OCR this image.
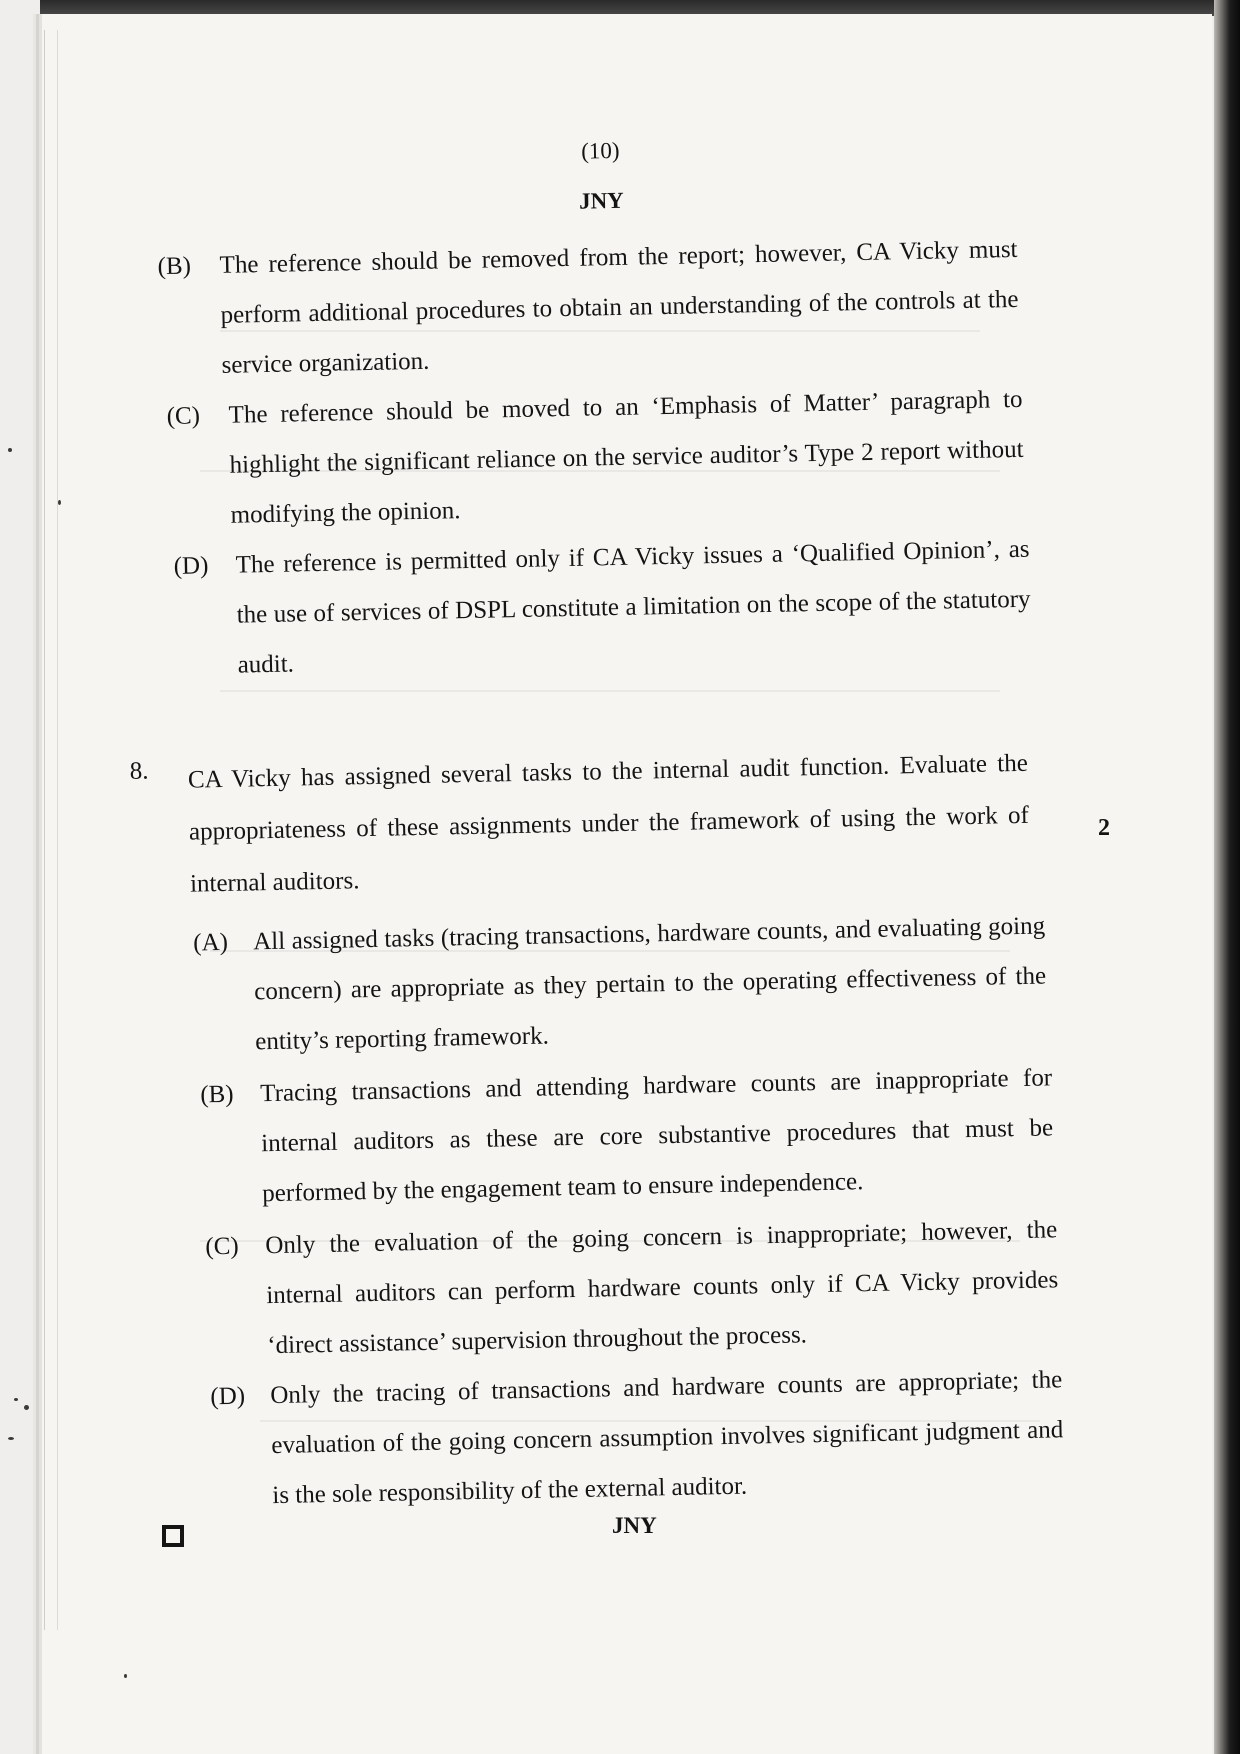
(10)
JNY
(B)	The reference should be removed from the report; however, CA Vicky must perform additional procedures to obtain an understanding of the controls at the service organization.
(C)	The reference should be moved to an ‘Emphasis of Matter’ paragraph to highlight the significant reliance on the service auditor’s Type 2 report without modifying the opinion.
(D)	The reference is permitted only if CA Vicky issues a ‘Qualified Opinion’, as the use of services of DSPL constitute a limitation on the scope of the statutory audit.
8. CA Vicky has assigned several tasks to the internal audit function. Evaluate the appropriateness of these assignments under the framework of using the work of internal auditors.
(A) All assigned tasks (tracing transactions, hardware counts, and evaluating going concern) are appropriate as they pertain to the operating effectiveness of the entity’s reporting framework.
(B)	Tracing transactions and attending hardware counts are inappropriate for internal auditors as these are core substantive procedures that must be performed by the engagement team to ensure independence.
(C)	Only the evaluation of the going concern is inappropriate; however, the internal auditors can perform hardware counts only if CA Vicky provides ‘direct assistance’ supervision throughout the process.
(D) Only the tracing of transactions and hardware counts are appropriate; the evaluation of the going concern assumption involves significant judgment and is the sole responsibility of the external auditor.
2
JNY
